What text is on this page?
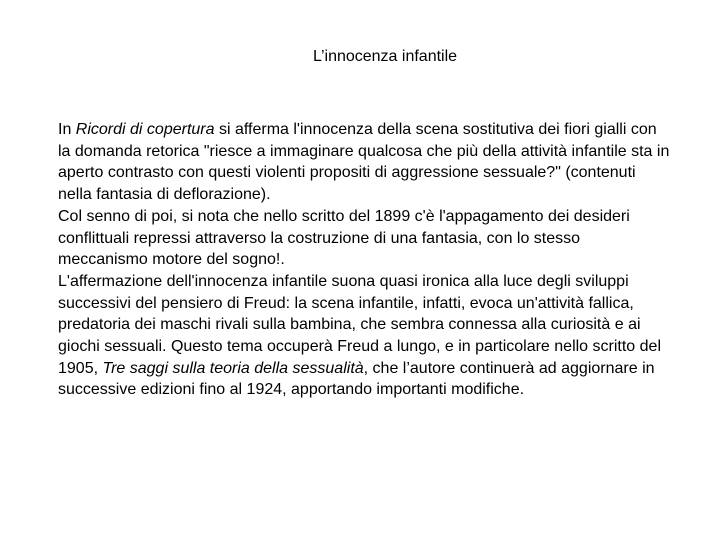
L’innocenza infantile

In Ricordi di copertura si afferma l'innocenza della scena sostitutiva dei fiori gialli con la domanda retorica "riesce a immaginare qualcosa che più della attività infantile sta in aperto contrasto con questi violenti propositi di aggressione sessuale?" (contenuti nella fantasia di deflorazione).

Col senno di poi, si nota che nello scritto del 1899 c'è l'appagamento dei desideri conflittuali repressi attraverso la costruzione di una fantasia, con lo stesso meccanismo motore del sogno!.

L'affermazione dell'innocenza infantile suona quasi ironica alla luce degli sviluppi successivi del pensiero di Freud: la scena infantile, infatti, evoca un'attività fallica, predatoria dei maschi rivali sulla bambina, che sembra connessa alla curiosità e ai giochi sessuali. Questo tema occuperà Freud a lungo, e in particolare nello scritto del 1905, Tre saggi sulla teoria della sessualità, che l’autore continuerà ad aggiornare in successive edizioni fino al 1924, apportando importanti modifiche.
